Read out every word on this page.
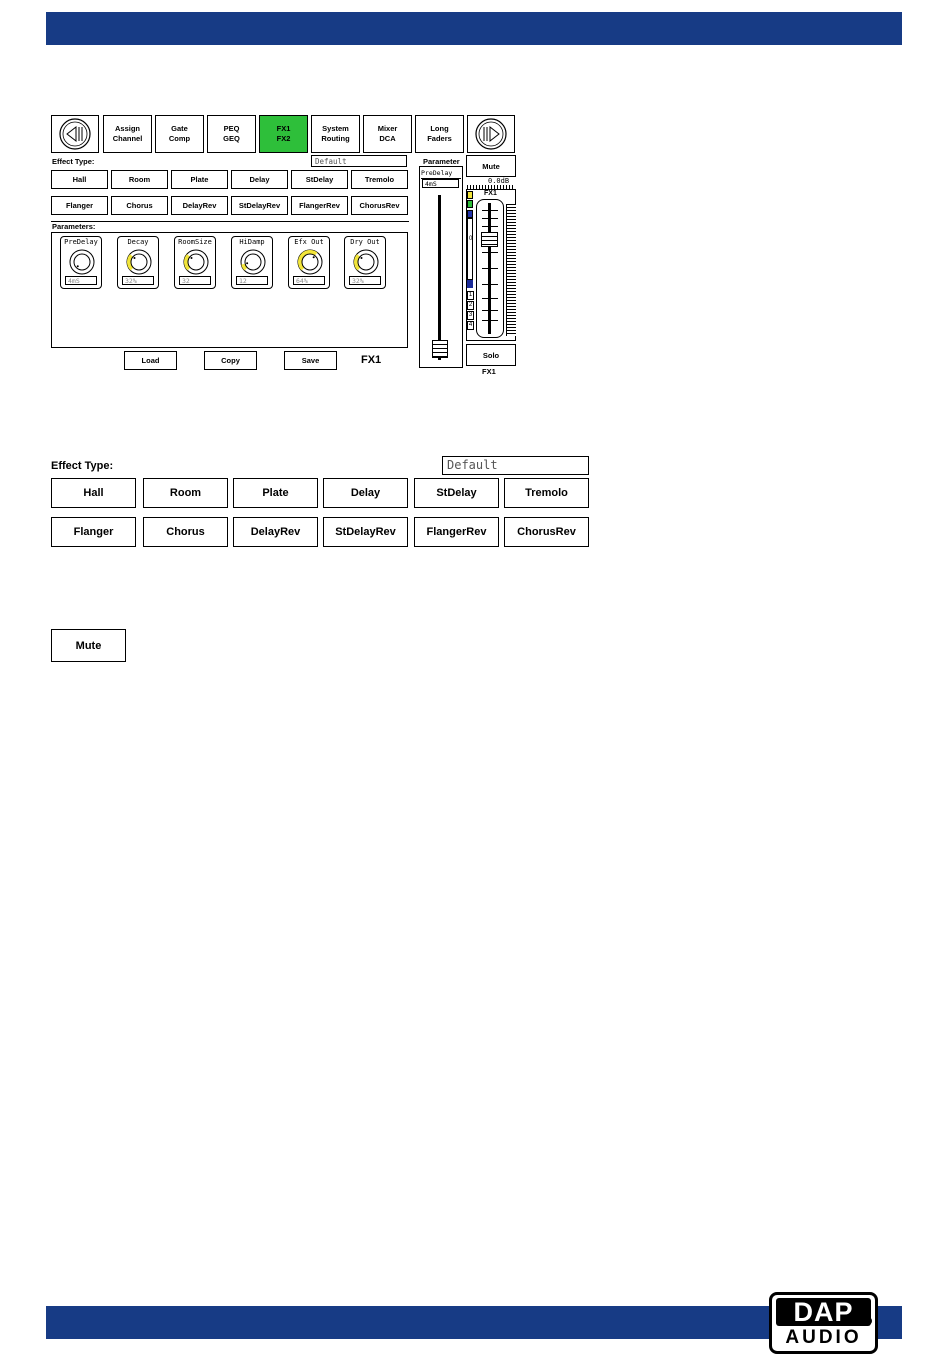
Assign
Channel
Gate
Comp
PEQ
GEQ
FX1
FX2
System
Routing
Mixer
DCA
Long
Faders
Effect Type:	Default
Hall	Room	Plate	Delay	StDelay	Tremolo
Flanger	Chorus	DelayRev	StDelayRev	FlangerRev	ChorusRev
Parameters:
PreDelay
4mS
Decay
32%
RoomSize
32
HiDamp
12
Efx Out
64%
Dry Out
32%
Load	Copy	Save	FX1
Parameter
PreDelay
4mS
Mute
0.0dB
FX1
0
1
2
3
4
Solo
FX1
Effect Type:	Default
Hall	Room	Plate	Delay	StDelay	Tremolo
Flanger	Chorus	DelayRev	StDelayRev	FlangerRev	ChorusRev
Mute
DAP
AUDIO
